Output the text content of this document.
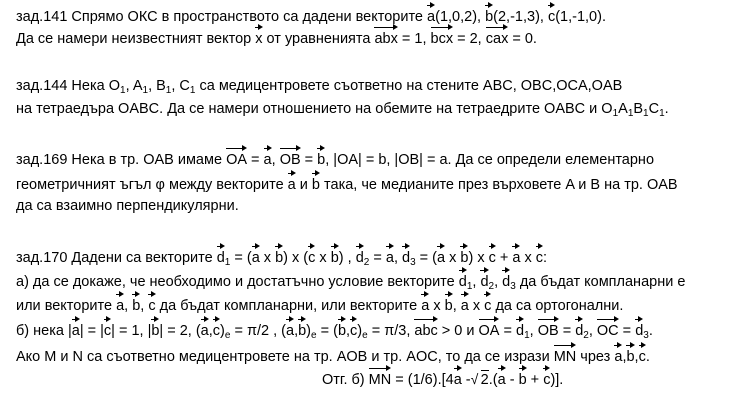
зад.141 Спрямо ОКС в пространството са дадени векторите a(1,0,2), b(2,-1,3), c(1,-1,0).
Да се намери неизвестният вектор x от уравненията abx = 1, bcx = 2, cax = 0.
зад.144 Нека $O_1$, $A_1$, $B_1$, $C_1$ са медицентровете съответно на стените ABC, OBC,OCA,OAB
на тетраедъра OABC. Да се намери отношението на обемите на тетраедрите OABC и $O_1A_1B_1C_1$.
зад.169 Нека в тр. OAB имаме OA = a, OB = b, |OA| = b, |OB| = a. Да се определи елементарно
геометричният ъгъл φ между векторите a и b така, че медианите през върховете A и B на тр. OAB
да са взаимно перпендикулярни.
зад.170 Дадени са векторите $d_1 = (a$ x b) x (c x b) , $d_2 = a$, $d_3 = (a$ x b) x c + a x c:
а) да се докаже, че необходимо и достатъчно условие векторите $d_1$, $d_2$, $d_3$ да бъдат компланарни е
или векторите a, b, c да бъдат компланарни, или векторите a x b, a x c да са ортогонални.
б) нека |a| = |c| = 1, |b| = 2, $(a,c)_e = \pi/2$ , $(a,b)_e = (b,c)_e = \pi/3$, abc > 0 и OA = $d_1$, OB = $d_2$, OC = $d_3$.
Ако M и N са съответно медицентровете на тр. AOB и тр. AOC, то да се изрази MN чрез a,b,c.
Отг. б) MN = (1/6).[4a - √ 2.(a - b + c)].
